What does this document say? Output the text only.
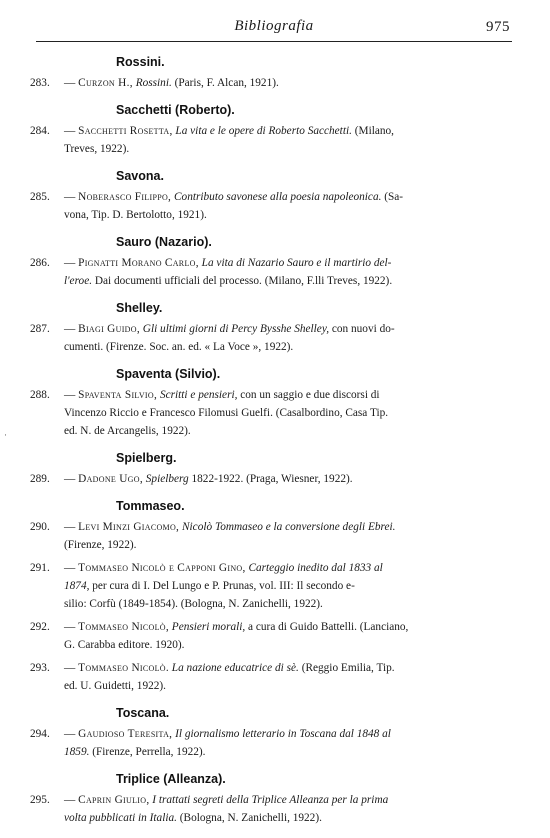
Bibliografia	975
Rossini.
283.	— Curzon H., Rossini. (Paris, F. Alcan, 1921).
Sacchetti (Roberto).
284.	— Sacchetti Rosetta, La vita e le opere di Roberto Sacchetti. (Milano,
Treves, 1922).
Savona.
285.	— Noberasco Filippo, Contributo savonese alla poesia napoleonica. (Sa-
vona, Tip. D. Bertolotto, 1921).
Sauro (Nazario).
286.	— Pignatti Morano Carlo, La vita di Nazario Sauro e il martirio del-
l'eroe. Dai documenti ufficiali del processo. (Milano, F.lli Treves, 1922).
Shelley.
287.	— Biagi Guido, Gli ultimi giorni di Percy Bysshe Shelley, con nuovi do-
cumenti. (Firenze. Soc. an. ed. « La Voce », 1922).
Spaventa (Silvio).
288.	— Spaventa Silvio, Scritti e pensieri, con un saggio e due discorsi di
Vincenzo Riccio e Francesco Filomusi Guelfi. (Casalbordino, Casa Tip.
ed. N. de Arcangelis, 1922).
Spielberg.
289.	— Dadone Ugo, Spielberg 1822-1922. (Praga, Wiesner, 1922).
Tommaseo.
290.	— Levi Minzi Giacomo, Nicolò Tommaseo e la conversione degli Ebrei.
(Firenze, 1922).
291.	— Tommaseo Nicolò e Capponi Gino, Carteggio inedito dal 1833 al
1874, per cura di I. Del Lungo e P. Prunas, vol. III: Il secondo e-
silio: Corfù (1849-1854). (Bologna, N. Zanichelli, 1922).
292.	— Tommaseo Nicolò, Pensieri morali, a cura di Guido Battelli. (Lanciano,
G. Carabba editore. 1920).
293.	— Tommaseo Nicolò. La nazione educatrice di sè. (Reggio Emilia, Tip.
ed. U. Guidetti, 1922).
Toscana.
294.	— Gaudioso Teresita, Il giornalismo letterario in Toscana dal 1848 al
1859. (Firenze, Perrella, 1922).
Triplice (Alleanza).
295.	— Caprin Giulio, I trattati segreti della Triplice Alleanza per la prima
volta pubblicati in Italia. (Bologna, N. Zanichelli, 1922).
·
